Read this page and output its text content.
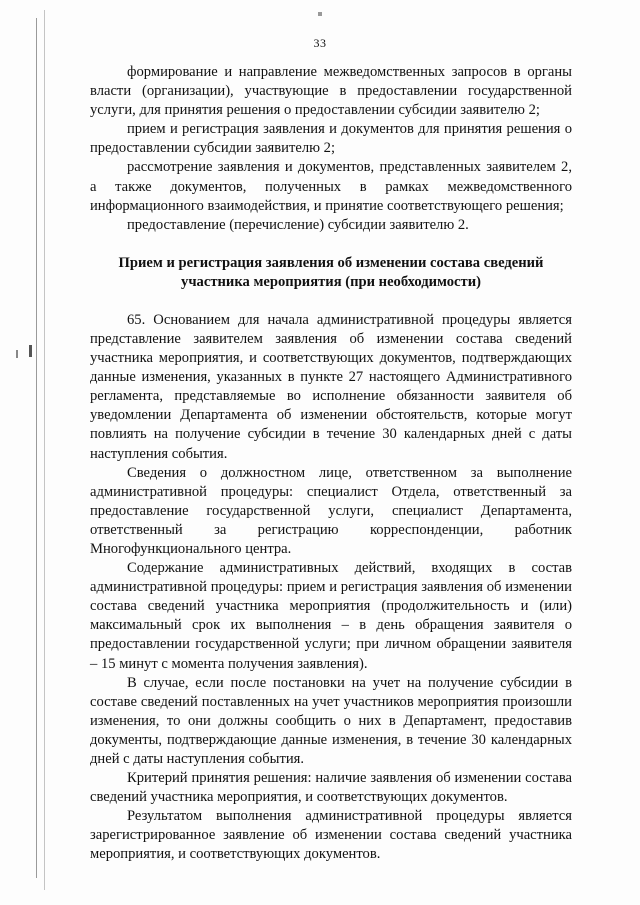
33

формирование и направление межведомственных запросов в органы власти (организации), участвующие в предоставлении государственной услуги, для принятия решения о предоставлении субсидии заявителю 2;

прием и регистрация заявления и документов для принятия решения о предоставлении субсидии заявителю 2;

рассмотрение заявления и документов, представленных заявителем 2, а также документов, полученных в рамках межведомственного информационного взаимодействия, и принятие соответствующего решения;

предоставление (перечисление) субсидии заявителю 2.

Прием и регистрация заявления об изменении состава сведений
участника мероприятия (при необходимости)

65. Основанием для начала административной процедуры является представление заявителем заявления об изменении состава сведений участника мероприятия, и соответствующих документов, подтверждающих данные изменения, указанных в пункте 27 настоящего Административного регламента, представляемые во исполнение обязанности заявителя об уведомлении Департамента об изменении обстоятельств, которые могут повлиять на получение субсидии в течение 30 календарных дней с даты наступления события.

Сведения о должностном лице, ответственном за выполнение административной процедуры: специалист Отдела, ответственный за предоставление государственной услуги, специалист Департамента, ответственный за регистрацию корреспонденции, работник Многофункционального центра.

Содержание административных действий, входящих в состав административной процедуры: прием и регистрация заявления об изменении состава сведений участника мероприятия (продолжительность и (или) максимальный срок их выполнения – в день обращения заявителя о предоставлении государственной услуги; при личном обращении заявителя – 15 минут с момента получения заявления).

В случае, если после постановки на учет на получение субсидии в составе сведений поставленных на учет участников мероприятия произошли изменения, то они должны сообщить о них в Департамент, предоставив документы, подтверждающие данные изменения, в течение 30 календарных дней с даты наступления события.

Критерий принятия решения: наличие заявления об изменении состава сведений участника мероприятия, и соответствующих документов.

Результатом выполнения административной процедуры является зарегистрированное заявление об изменении состава сведений участника мероприятия, и соответствующих документов.
